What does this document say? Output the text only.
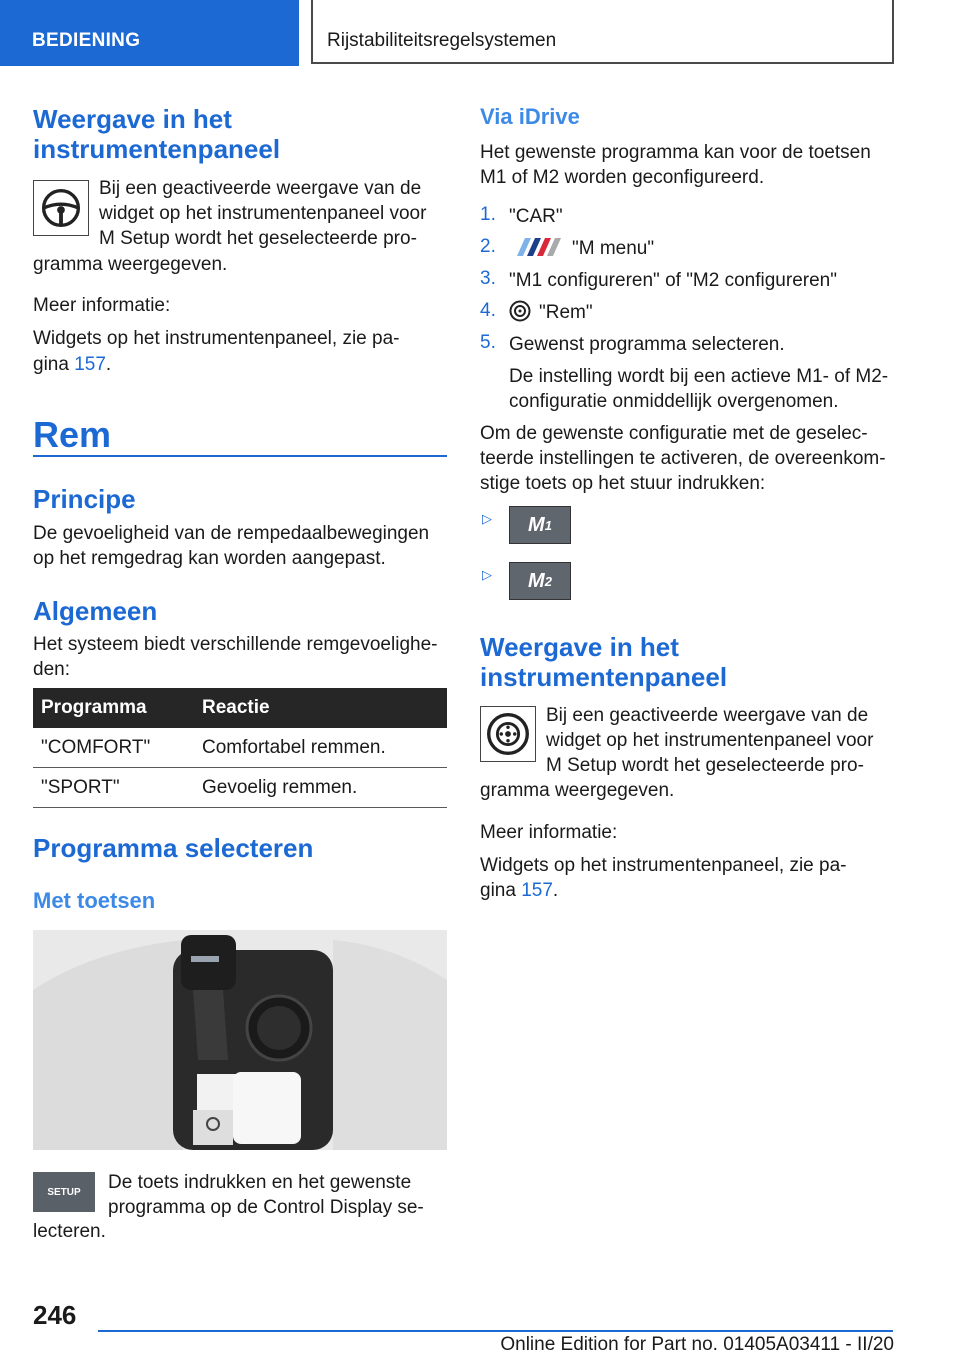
BEDIENING	Rijstabiliteitsregelsystemen
Weergave in het instrumentenpaneel
Bij een geactiveerde weergave van de
widget op het instrumentenpaneel voor
M Setup wordt het geselecteerde pro-
gramma weergegeven.
Meer informatie:
Widgets op het instrumentenpaneel, zie pa-
gina 157.
Rem
Principe
De gevoeligheid van de rempedaalbewegingen
op het remgedrag kan worden aangepast.
Algemeen
Het systeem biedt verschillende remgevoelighe-
den:
Programma	Reactie
"COMFORT"	Comfortabel remmen.
"SPORT"	Gevoelig remmen.
Programma selecteren
Met toetsen
SETUP De toets indrukken en het gewenste
programma op de Control Display se-
lecteren.
Via iDrive
Het gewenste programma kan voor de toetsen
M1 of M2 worden geconfigureerd.
1. "CAR"
2.	"M menu"
3. "M1 configureren" of "M2 configureren"
4. "Rem"
5. Gewenst programma selecteren.
De instelling wordt bij een actieve M1- of M2-
configuratie onmiddellijk overgenomen.
Om de gewenste configuratie met de geselec-
teerde instellingen te activeren, de overeenkom-
stige toets op het stuur indrukken:
▷	M 1
▷	M 2
Weergave in het instrumentenpaneel
Bij een geactiveerde weergave van de
widget op het instrumentenpaneel voor
M Setup wordt het geselecteerde pro-
gramma weergegeven.
Meer informatie:
Widgets op het instrumentenpaneel, zie pa-
gina 157.
246
Online Edition for Part no. 01405A03411 - II/20
